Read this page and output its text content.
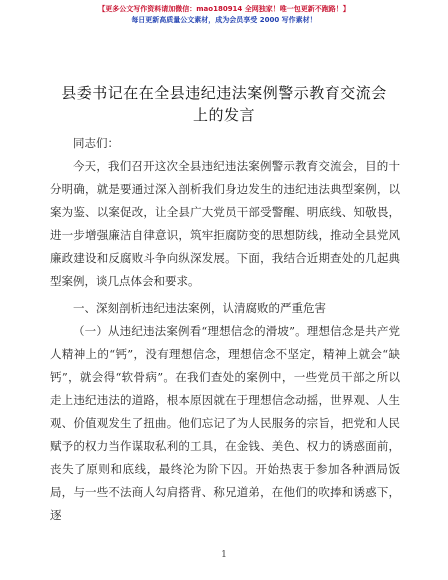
【更多公文写作资料请加微信：mao180914 全网独家！唯一包更新不跑路！】
每日更新高质量公文素材，成为会员享受 2000 写作素材！
县委书记在在全县违纪违法案例警示教育交流会上的发言

同志们：

今天，我们召开这次全县违纪违法案例警示教育交流会，目的十分明确，就是要通过深入剖析我们身边发生的违纪违法典型案例，以案为鉴、以案促改，让全县广大党员干部受警醒、明底线、知敬畏，进一步增强廉洁自律意识，筑牢拒腐防变的思想防线，推动全县党风廉政建设和反腐败斗争向纵深发展。下面，我结合近期查处的几起典型案例，谈几点体会和要求。

一、深刻剖析违纪违法案例，认清腐败的严重危害

（一）从违纪违法案例看“理想信念的滑坡”。理想信念是共产党人精神上的“钙”，没有理想信念，理想信念不坚定，精神上就会“缺钙”，就会得“软骨病”。在我们查处的案例中，一些党员干部之所以走上违纪违法的道路，根本原因就在于理想信念动摇，世界观、人生观、价值观发生了扭曲。他们忘记了为人民服务的宗旨，把党和人民赋予的权力当作谋取私利的工具，在金钱、美色、权力的诱惑面前，丧失了原则和底线，最终沦为阶下囚。开始热衷于参加各种酒局饭局，与一些不法商人勾肩搭背、称兄道弟，在他们的吹捧和诱惑下，逐

1
